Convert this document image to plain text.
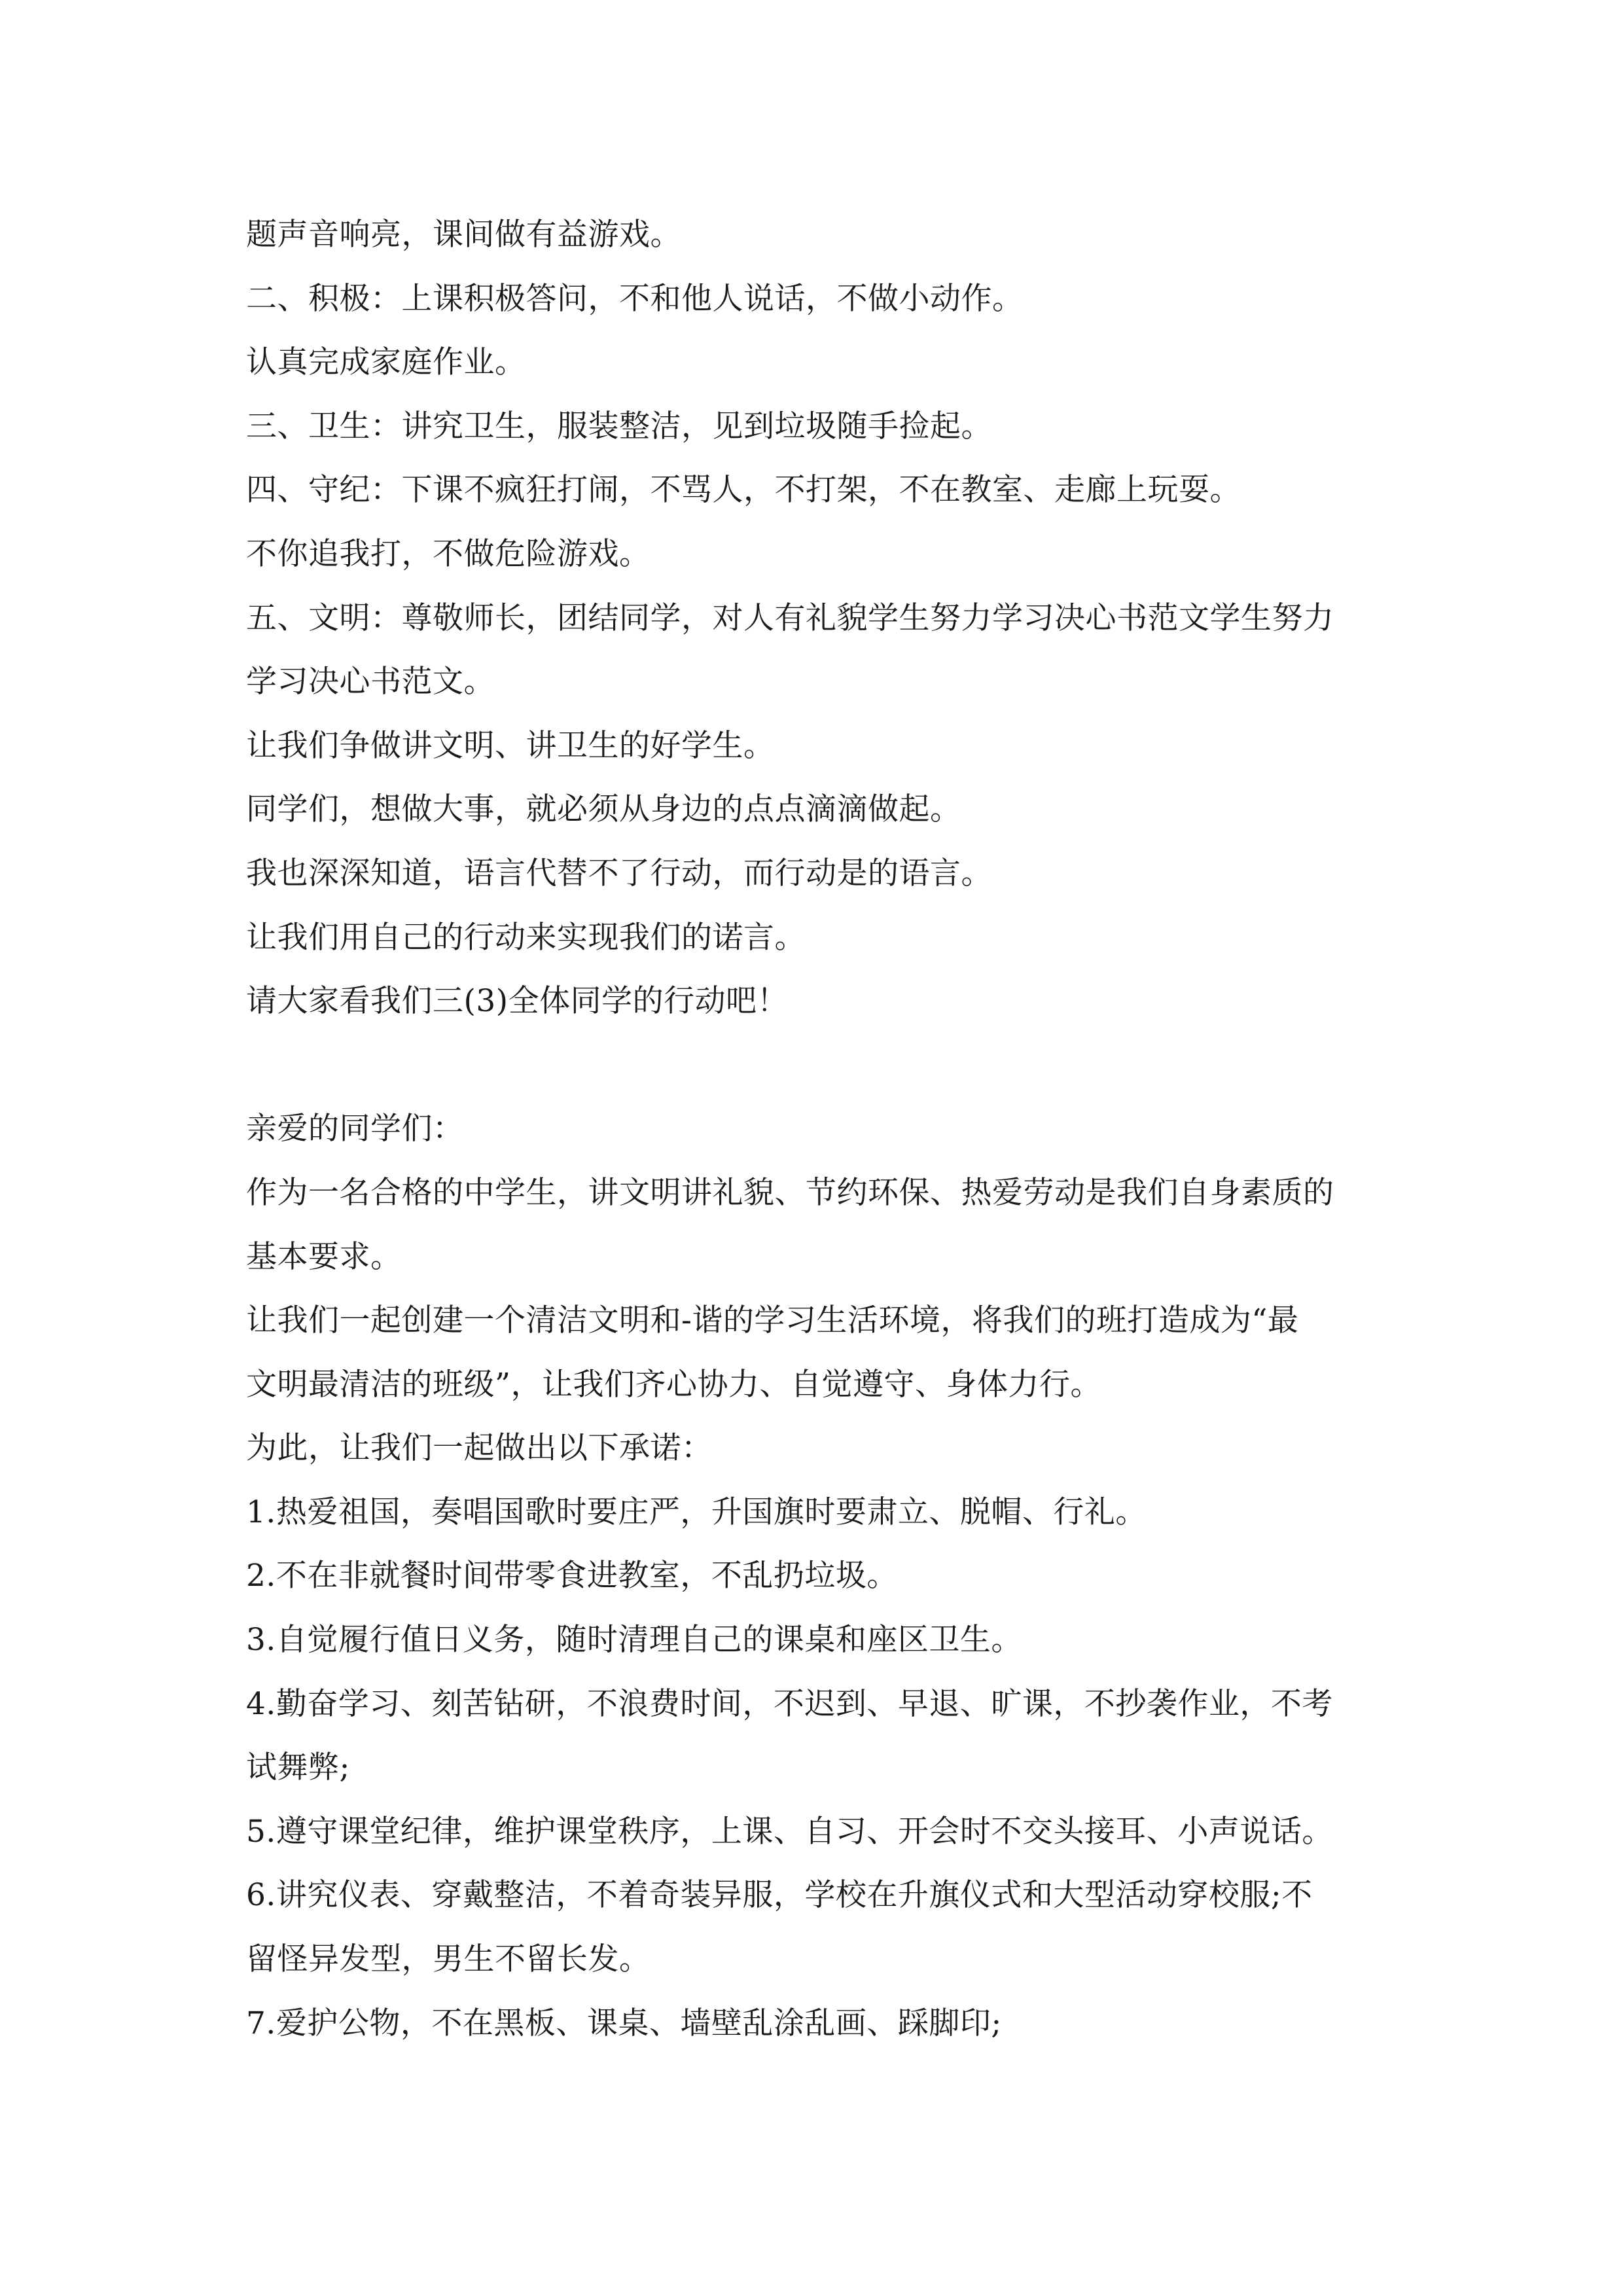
题声音响亮，课间做有益游戏。
二、积极：上课积极答问，不和他人说话，不做小动作。
认真完成家庭作业。
三、卫生：讲究卫生，服装整洁，见到垃圾随手捡起。
四、守纪：下课不疯狂打闹，不骂人，不打架，不在教室、走廊上玩耍。
不你追我打，不做危险游戏。
五、文明：尊敬师长，团结同学，对人有礼貌学生努力学习决心书范文学生努力
学习决心书范文。
让我们争做讲文明、讲卫生的好学生。
同学们，想做大事，就必须从身边的点点滴滴做起。
我也深深知道，语言代替不了行动，而行动是的语言。
让我们用自己的行动来实现我们的诺言。
请大家看我们三(3)全体同学的行动吧！
亲爱的同学们：
作为一名合格的中学生，讲文明讲礼貌、节约环保、热爱劳动是我们自身素质的
基本要求。
让我们一起创建一个清洁文明和-谐的学习生活环境，将我们的班打造成为“最
文明最清洁的班级”，让我们齐心协力、自觉遵守、身体力行。
为此，让我们一起做出以下承诺：
1.热爱祖国，奏唱国歌时要庄严，升国旗时要肃立、脱帽、行礼。
2.不在非就餐时间带零食进教室，不乱扔垃圾。
3.自觉履行值日义务，随时清理自己的课桌和座区卫生。
4.勤奋学习、刻苦钻研，不浪费时间，不迟到、早退、旷课，不抄袭作业，不考
试舞弊;
5.遵守课堂纪律，维护课堂秩序，上课、自习、开会时不交头接耳、小声说话。
6.讲究仪表、穿戴整洁，不着奇装异服，学校在升旗仪式和大型活动穿校服;不
留怪异发型，男生不留长发。
7.爱护公物，不在黑板、课桌、墙壁乱涂乱画、踩脚印;
